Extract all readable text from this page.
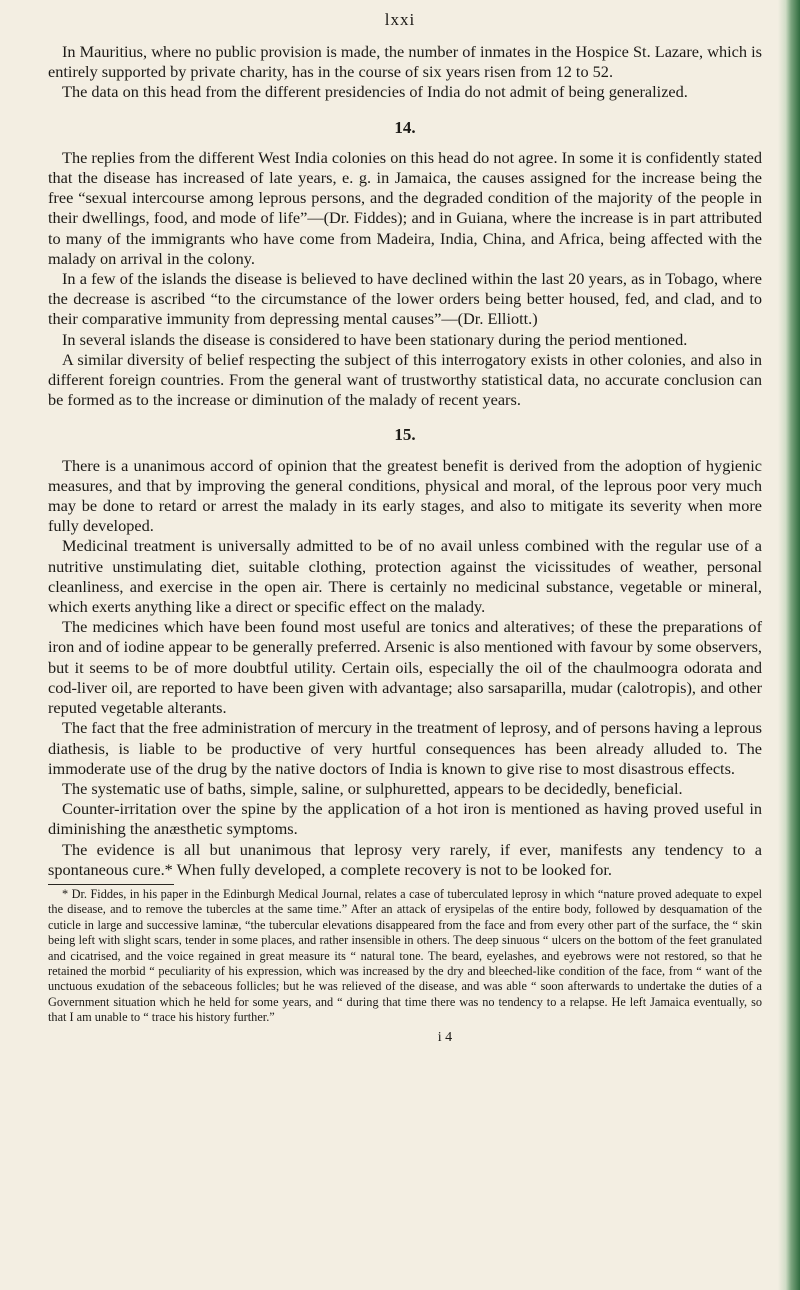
lxxi

In Mauritius, where no public provision is made, the number of inmates in the Hospice St. Lazare, which is entirely supported by private charity, has in the course of six years risen from 12 to 52.

The data on this head from the different presidencies of India do not admit of being generalized.

14.

The replies from the different West India colonies on this head do not agree. In some it is confidently stated that the disease has increased of late years, e. g. in Jamaica, the causes assigned for the increase being the free “sexual intercourse among leprous persons, and the degraded condition of the majority of the people in their dwellings, food, and mode of life”—(Dr. Fiddes); and in Guiana, where the increase is in part attributed to many of the immigrants who have come from Madeira, India, China, and Africa, being affected with the malady on arrival in the colony.

In a few of the islands the disease is believed to have declined within the last 20 years, as in Tobago, where the decrease is ascribed “to the circumstance of the lower orders being better housed, fed, and clad, and to their comparative immunity from depressing mental causes”—(Dr. Elliott.)

In several islands the disease is considered to have been stationary during the period mentioned.

A similar diversity of belief respecting the subject of this interrogatory exists in other colonies, and also in different foreign countries. From the general want of trustworthy statistical data, no accurate conclusion can be formed as to the increase or diminution of the malady of recent years.

15.

There is a unanimous accord of opinion that the greatest benefit is derived from the adoption of hygienic measures, and that by improving the general conditions, physical and moral, of the leprous poor very much may be done to retard or arrest the malady in its early stages, and also to mitigate its severity when more fully developed.

Medicinal treatment is universally admitted to be of no avail unless combined with the regular use of a nutritive unstimulating diet, suitable clothing, protection against the vicissitudes of weather, personal cleanliness, and exercise in the open air. There is certainly no medicinal substance, vegetable or mineral, which exerts anything like a direct or specific effect on the malady.

The medicines which have been found most useful are tonics and alteratives; of these the preparations of iron and of iodine appear to be generally preferred. Arsenic is also mentioned with favour by some observers, but it seems to be of more doubtful utility. Certain oils, especially the oil of the chaulmoogra odorata and cod-liver oil, are reported to have been given with advantage; also sarsaparilla, mudar (calotropis), and other reputed vegetable alterants.

The fact that the free administration of mercury in the treatment of leprosy, and of persons having a leprous diathesis, is liable to be productive of very hurtful consequences has been already alluded to. The immoderate use of the drug by the native doctors of India is known to give rise to most disastrous effects.

The systematic use of baths, simple, saline, or sulphuretted, appears to be decidedly, beneficial.

Counter-irritation over the spine by the application of a hot iron is mentioned as having proved useful in diminishing the anæsthetic symptoms.

The evidence is all but unanimous that leprosy very rarely, if ever, manifests any tendency to a spontaneous cure.* When fully developed, a complete recovery is not to be looked for.

* Dr. Fiddes, in his paper in the Edinburgh Medical Journal, relates a case of tuberculated leprosy in which “nature proved adequate to expel the disease, and to remove the tubercles at the same time.” After an attack of erysipelas of the entire body, followed by desquamation of the cuticle in large and successive laminæ, “the tubercular elevations disappeared from the face and from every other part of the surface, the “ skin being left with slight scars, tender in some places, and rather insensible in others. The deep sinuous “ ulcers on the bottom of the feet granulated and cicatrised, and the voice regained in great measure its “ natural tone. The beard, eyelashes, and eyebrows were not restored, so that he retained the morbid “ peculiarity of his expression, which was increased by the dry and bleeched-like condition of the face, from “ want of the unctuous exudation of the sebaceous follicles; but he was relieved of the disease, and was able “ soon afterwards to undertake the duties of a Government situation which he held for some years, and “ during that time there was no tendency to a relapse. He left Jamaica eventually, so that I am unable to “ trace his history further.”

i 4
